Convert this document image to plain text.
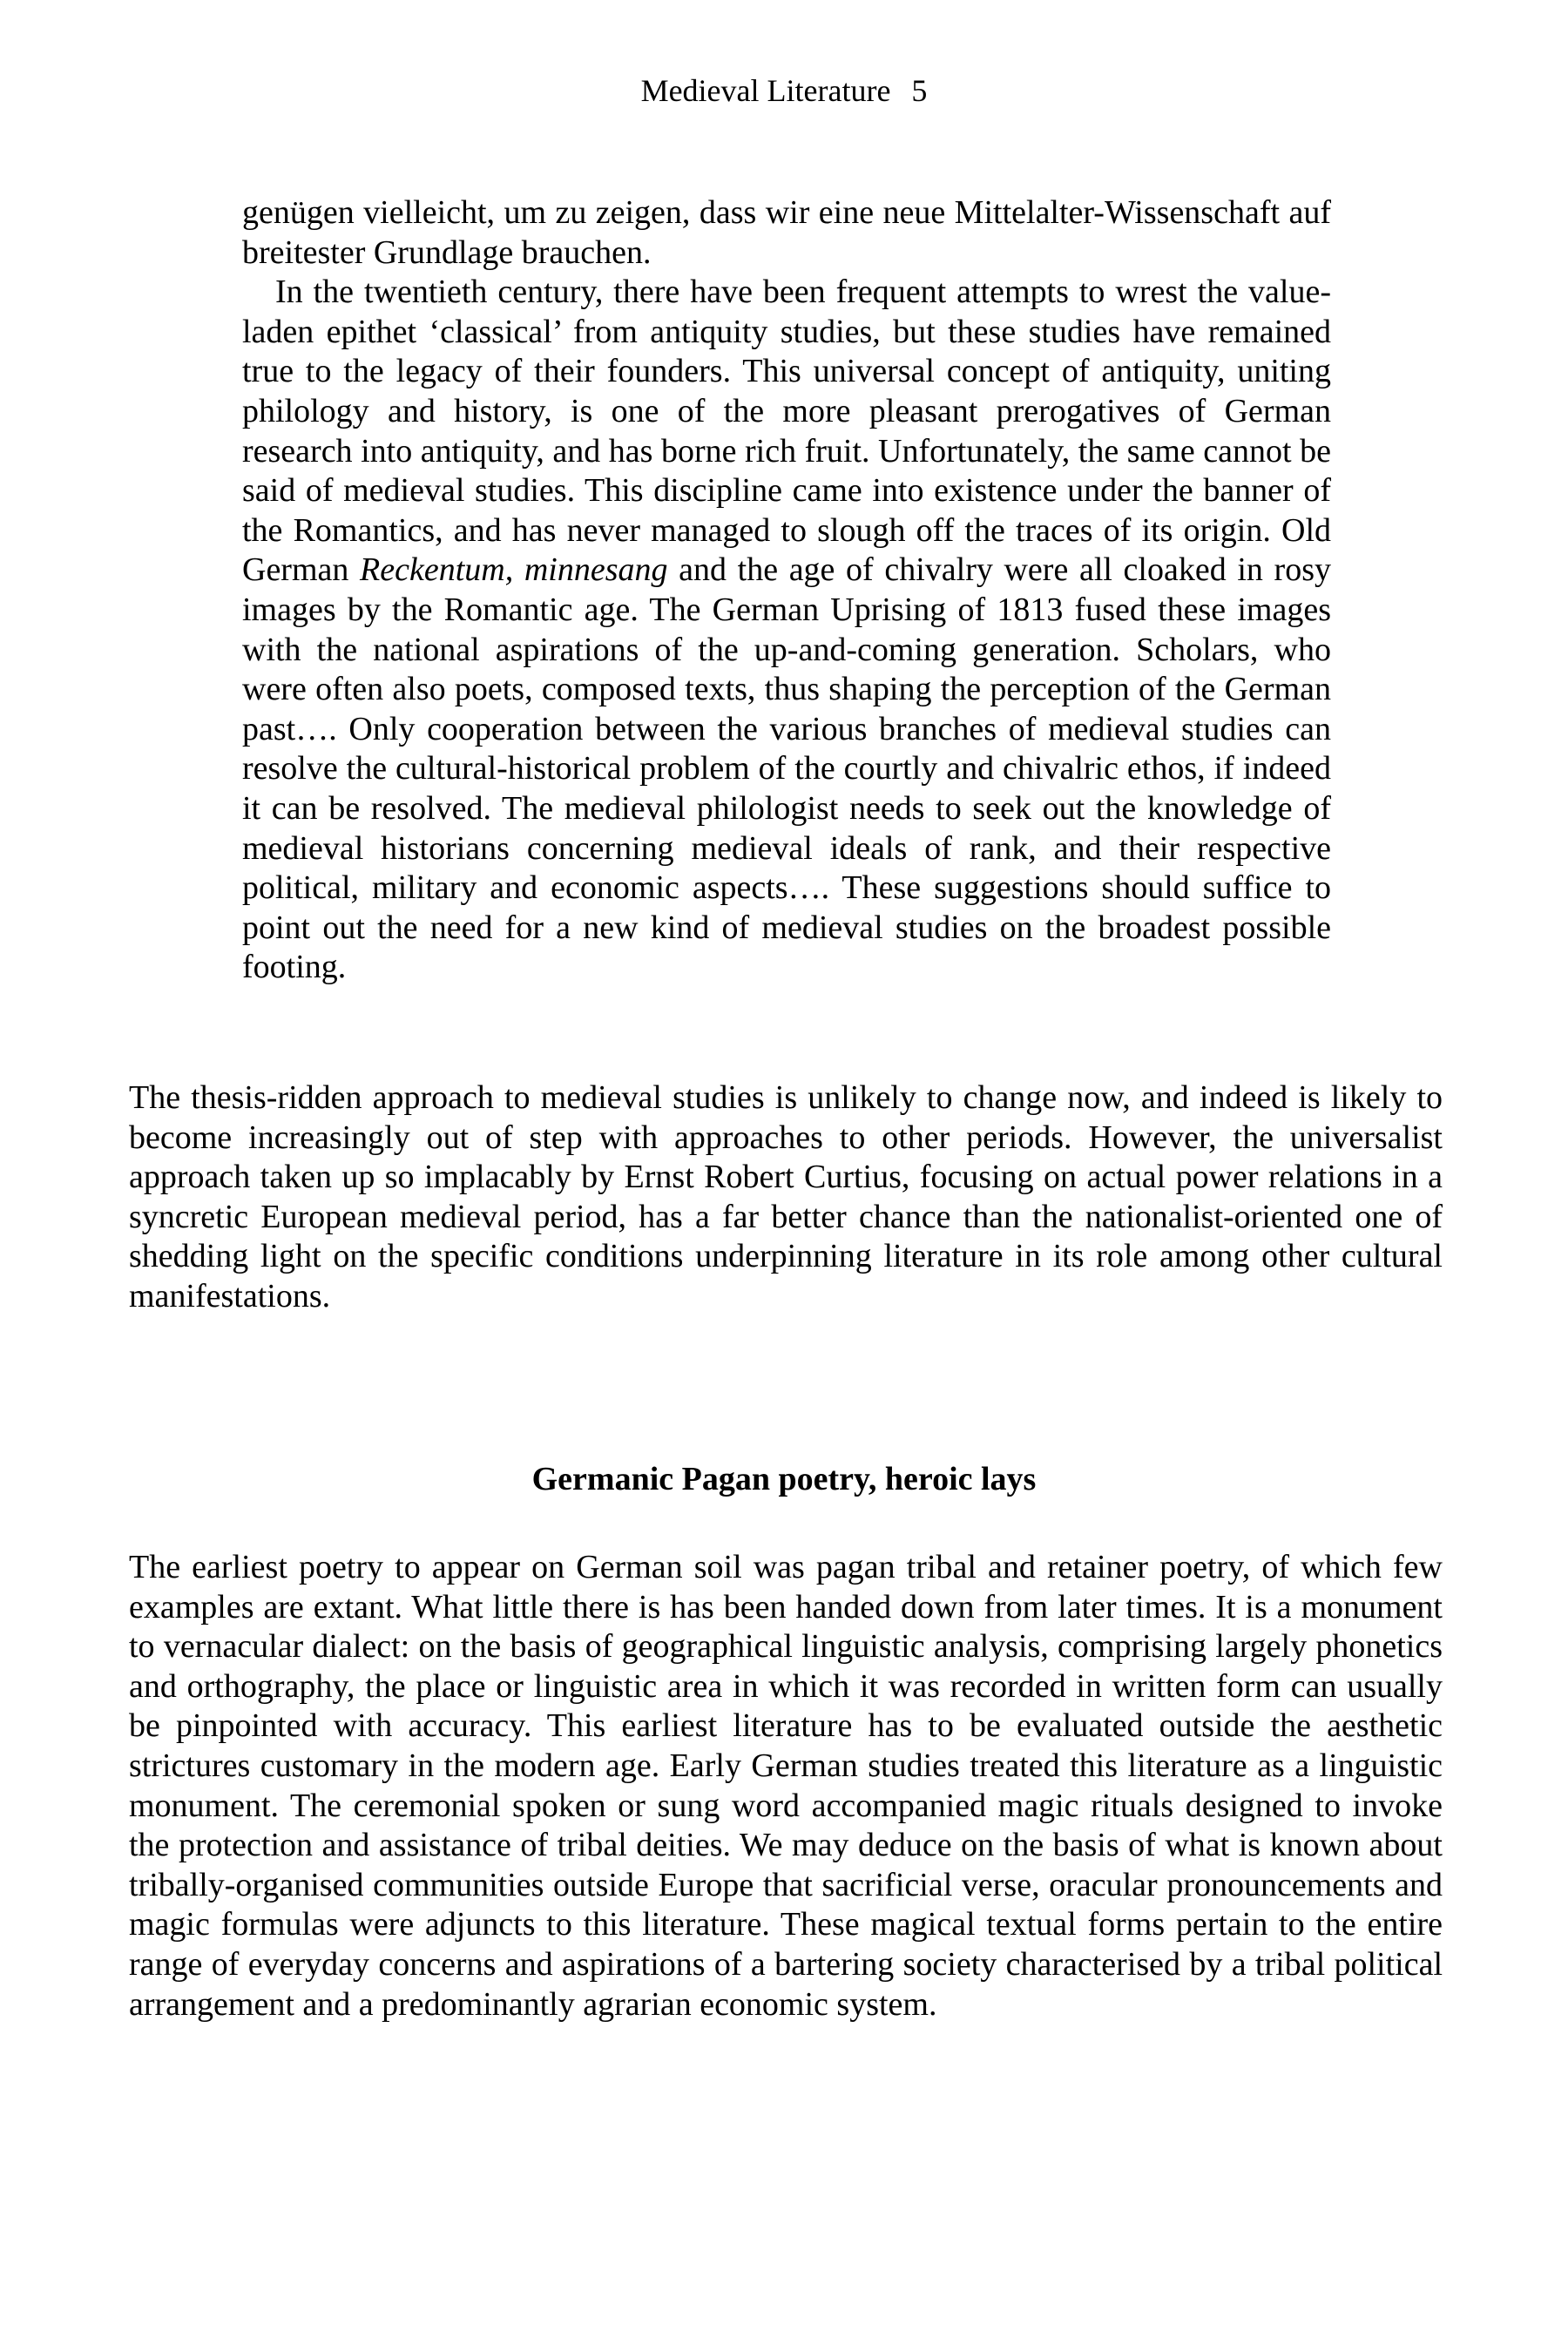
Medieval Literature 5

genügen vielleicht, um zu zeigen, dass wir eine neue Mittelalter-Wissenschaft auf breitester Grundlage brauchen.

In the twentieth century, there have been frequent attempts to wrest the value-laden epithet ‘classical’ from antiquity studies, but these studies have remained true to the legacy of their founders. This universal concept of antiquity, uniting philology and history, is one of the more pleasant prerogatives of German research into antiquity, and has borne rich fruit. Unfortunately, the same cannot be said of medieval studies. This discipline came into existence under the banner of the Romantics, and has never managed to slough off the traces of its origin. Old German Reckentum, minnesang and the age of chivalry were all cloaked in rosy images by the Romantic age. The German Uprising of 1813 fused these images with the national aspirations of the up-and-coming generation. Scholars, who were often also poets, composed texts, thus shaping the perception of the German past…. Only cooperation between the various branches of medieval studies can resolve the cultural-historical problem of the courtly and chivalric ethos, if indeed it can be resolved. The medieval philologist needs to seek out the knowledge of medieval historians concerning medieval ideals of rank, and their respective political, military and economic aspects…. These suggestions should suffice to point out the need for a new kind of medieval studies on the broadest possible footing.

The thesis-ridden approach to medieval studies is unlikely to change now, and indeed is likely to become increasingly out of step with approaches to other periods. However, the universalist approach taken up so implacably by Ernst Robert Curtius, focusing on actual power relations in a syncretic European medieval period, has a far better chance than the nationalist-oriented one of shedding light on the specific conditions underpinning literature in its role among other cultural manifestations.

Germanic Pagan poetry, heroic lays

The earliest poetry to appear on German soil was pagan tribal and retainer poetry, of which few examples are extant. What little there is has been handed down from later times. It is a monument to vernacular dialect: on the basis of geographical linguistic analysis, comprising largely phonetics and orthography, the place or linguistic area in which it was recorded in written form can usually be pinpointed with accuracy. This earliest literature has to be evaluated outside the aesthetic strictures customary in the modern age. Early German studies treated this literature as a linguistic monument. The ceremonial spoken or sung word accompanied magic rituals designed to invoke the protection and assistance of tribal deities. We may deduce on the basis of what is known about tribally-organised communities outside Europe that sacrificial verse, oracular pronouncements and magic formulas were adjuncts to this literature. These magical textual forms pertain to the entire range of everyday concerns and aspirations of a bartering society characterised by a tribal political arrangement and a predominantly agrarian economic system.
